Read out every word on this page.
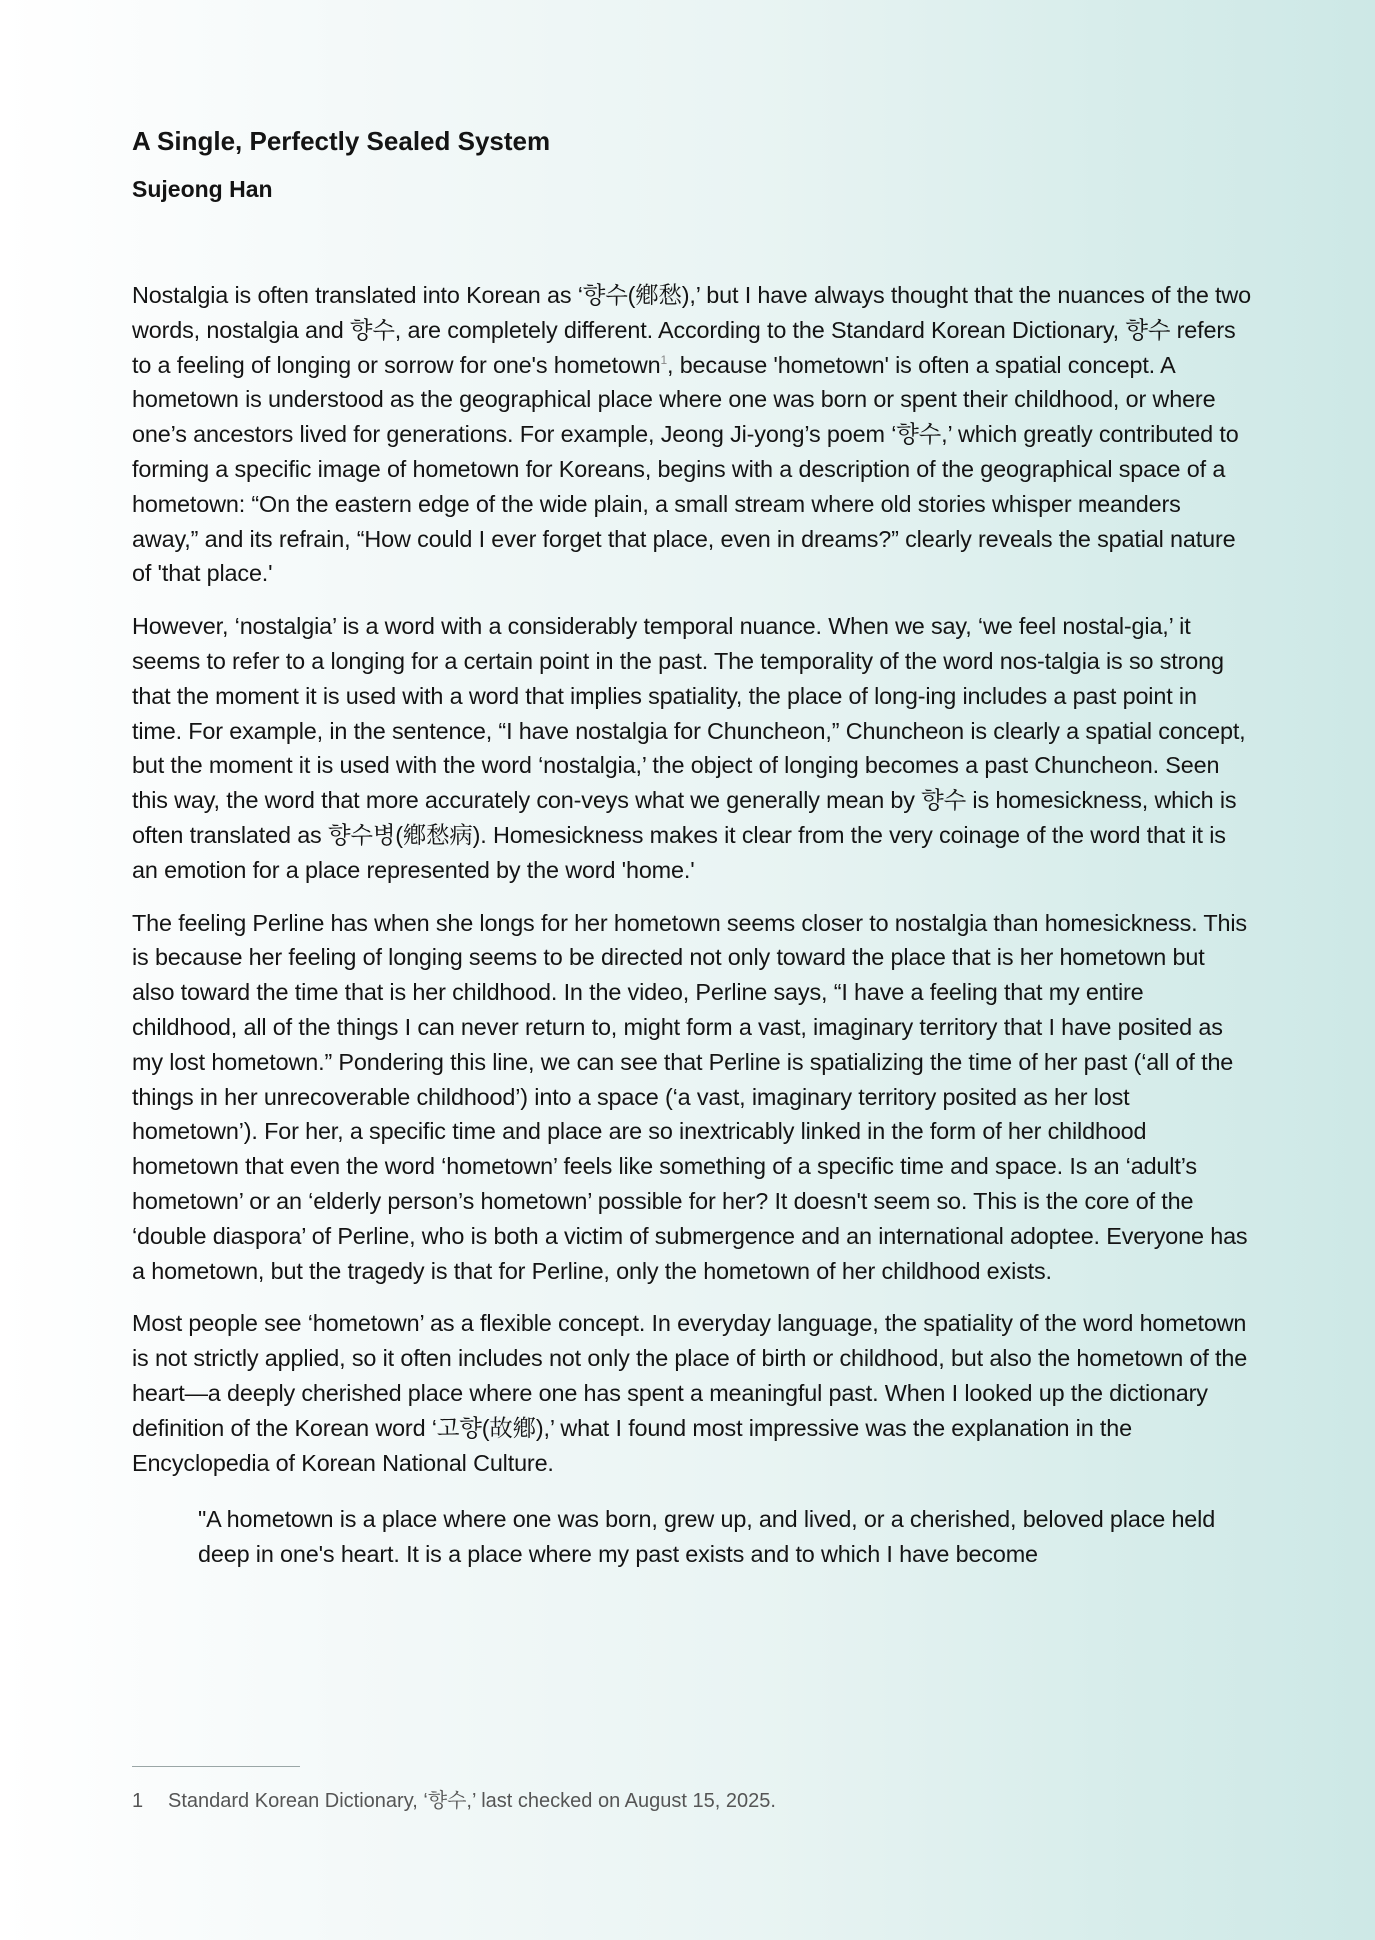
A Single, Perfectly Sealed System
Sujeong Han

Nostalgia is often translated into Korean as ‘향수(鄕愁),’ but I have always thought that the nuances of the two words, nostalgia and 향수, are completely different. According to the Standard Korean Dictionary, 향수 refers to a feeling of longing or sorrow for one's hometown$^1$, because 'hometown' is often a spatial concept. A hometown is understood as the geographical place where one was born or spent their childhood, or where one’s ancestors lived for generations. For example, Jeong Ji-yong’s poem ‘향수,’ which greatly contributed to forming a specific image of hometown for Koreans, begins with a description of the geographical space of a hometown: “On the eastern edge of the wide plain, a small stream where old stories whisper meanders away,” and its refrain, “How could I ever forget that place, even in dreams?” clearly reveals the spatial nature of 'that place.'

However, ‘nostalgia’ is a word with a considerably temporal nuance. When we say, ‘we feel nostal-gia,’ it seems to refer to a longing for a certain point in the past. The temporality of the word nos-talgia is so strong that the moment it is used with a word that implies spatiality, the place of long-ing includes a past point in time. For example, in the sentence, “I have nostalgia for Chuncheon,” Chuncheon is clearly a spatial concept, but the moment it is used with the word ‘nostalgia,’ the object of longing becomes a past Chuncheon. Seen this way, the word that more accurately con-veys what we generally mean by 향수 is homesickness, which is often translated as 향수병(鄕愁病). Homesickness makes it clear from the very coinage of the word that it is an emotion for a place represented by the word 'home.'

The feeling Perline has when she longs for her hometown seems closer to nostalgia than homesickness. This is because her feeling of longing seems to be directed not only toward the place that is her hometown but also toward the time that is her childhood. In the video, Perline says, “I have a feeling that my entire childhood, all of the things I can never return to, might form a vast, imaginary territory that I have posited as my lost hometown.” Pondering this line, we can see that Perline is spatializing the time of her past (‘all of the things in her unrecoverable childhood’) into a space (‘a vast, imaginary territory posited as her lost hometown’). For her, a specific time and place are so inextricably linked in the form of her childhood hometown that even the word ‘hometown’ feels like something of a specific time and space. Is an ‘adult’s hometown’ or an ‘elderly person’s hometown’ possible for her? It doesn't seem so. This is the core of the ‘double diaspora’ of Perline, who is both a victim of submergence and an international adoptee. Everyone has a hometown, but the tragedy is that for Perline, only the hometown of her childhood exists.

Most people see ‘hometown’ as a flexible concept. In everyday language, the spatiality of the word hometown is not strictly applied, so it often includes not only the place of birth or childhood, but also the hometown of the heart—a deeply cherished place where one has spent a meaningful past. When I looked up the dictionary definition of the Korean word ‘고향(故鄕),’ what I found most impressive was the explanation in the Encyclopedia of Korean National Culture.

"A hometown is a place where one was born, grew up, and lived, or a cherished, beloved place held deep in one's heart. It is a place where my past exists and to which I have become

1	Standard Korean Dictionary, ‘향수,’ last checked on August 15, 2025.
